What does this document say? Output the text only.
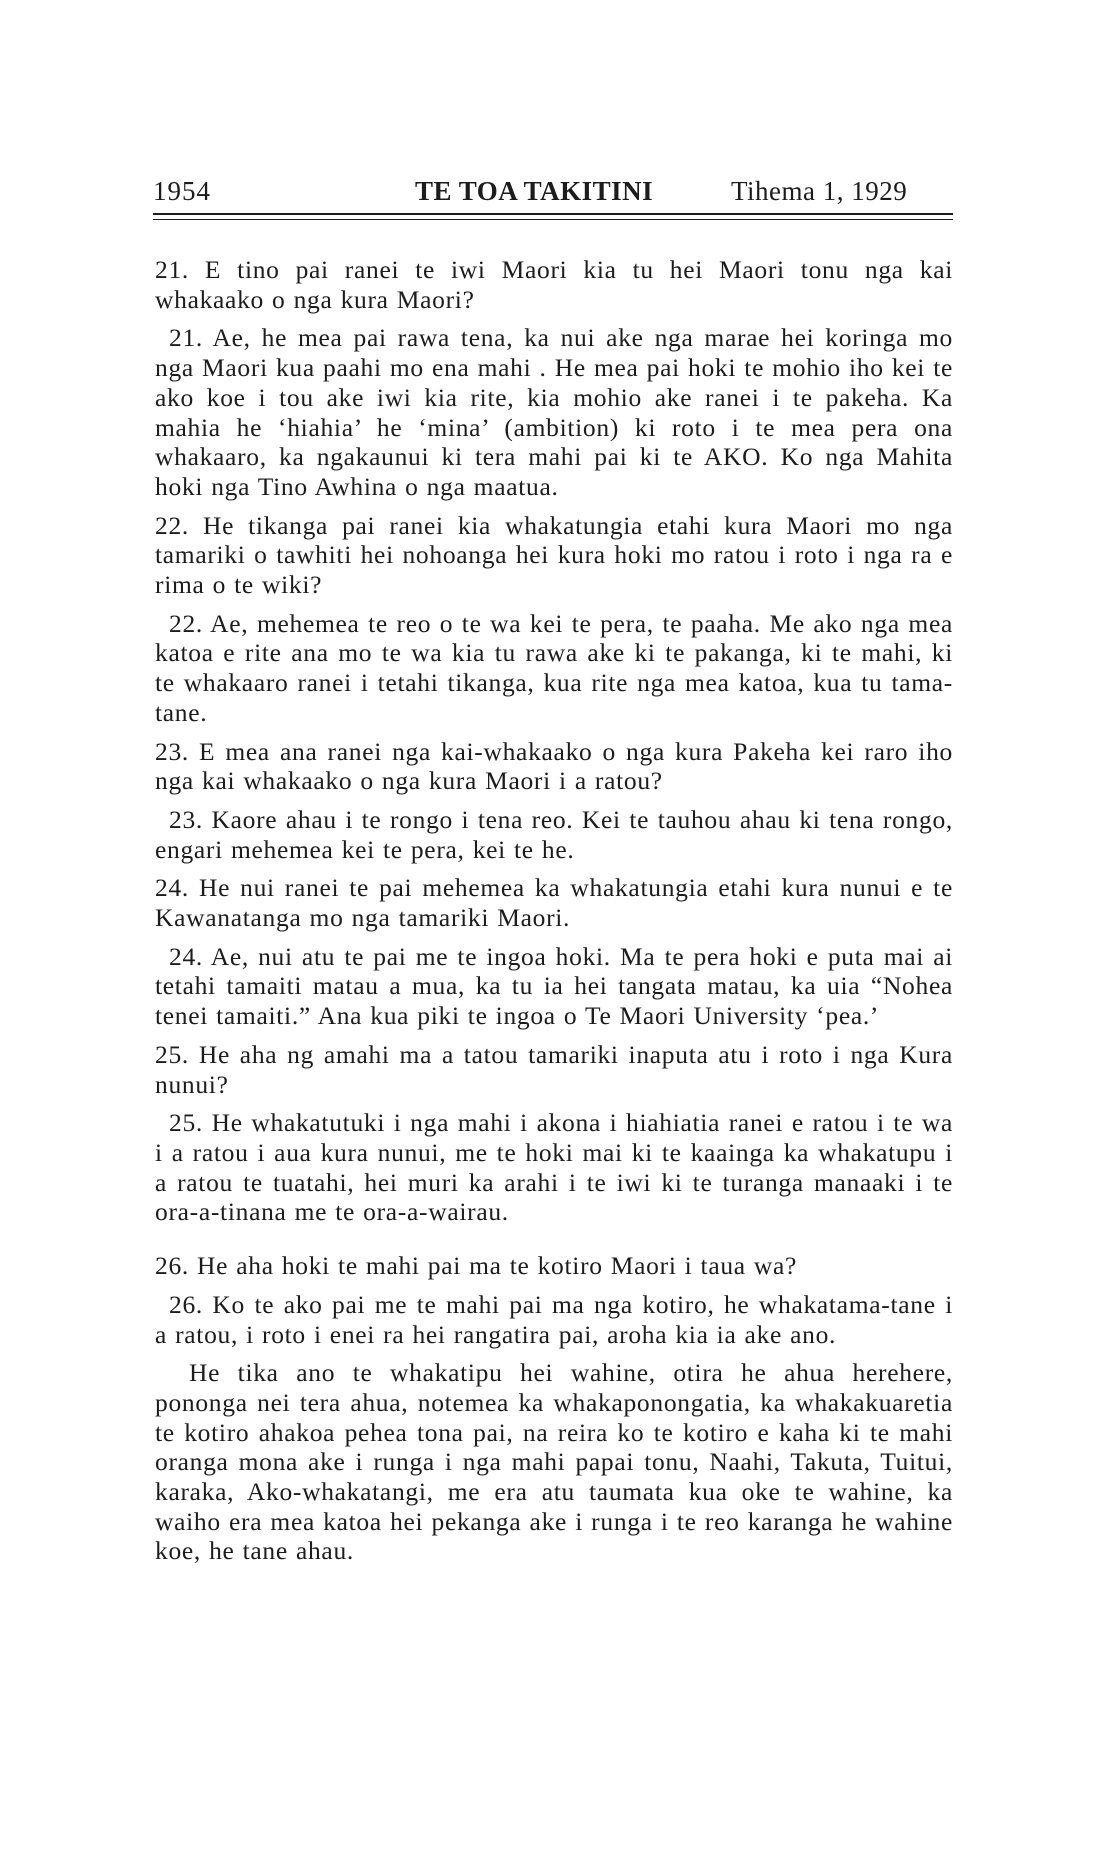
1954	TE TOA TAKITINI	Tihema 1, 1929

21. E tino pai ranei te iwi Maori kia tu hei Maori tonu nga kai whakaako o nga kura Maori?

21. Ae, he mea pai rawa tena, ka nui ake nga marae hei koringa mo nga Maori kua paahi mo ena mahi . He mea pai hoki te mohio iho kei te ako koe i tou ake iwi kia rite, kia mohio ake ranei i te pakeha. Ka mahia he ‘hiahia’ he ‘mina’ (ambition) ki roto i te mea pera ona whakaaro, ka ngakaunui ki tera mahi pai ki te AKO. Ko nga Mahita hoki nga Tino Awhina o nga maatua.

22. He tikanga pai ranei kia whakatungia etahi kura Maori mo nga tamariki o tawhiti hei nohoanga hei kura hoki mo ratou i roto i nga ra e rima o te wiki?

22. Ae, mehemea te reo o te wa kei te pera, te paaha. Me ako nga mea katoa e rite ana mo te wa kia tu rawa ake ki te pakanga, ki te mahi, ki te whakaaro ranei i tetahi tikanga, kua rite nga mea katoa, kua tu tama-tane.

23. E mea ana ranei nga kai-whakaako o nga kura Pakeha kei raro iho nga kai whakaako o nga kura Maori i a ratou?

23. Kaore ahau i te rongo i tena reo. Kei te tauhou ahau ki tena rongo, engari mehemea kei te pera, kei te he.

24. He nui ranei te pai mehemea ka whakatungia etahi kura nunui e te Kawanatanga mo nga tamariki Maori.

24. Ae, nui atu te pai me te ingoa hoki. Ma te pera hoki e puta mai ai tetahi tamaiti matau a mua, ka tu ia hei tangata matau, ka uia “Nohea tenei tamaiti.” Ana kua piki te ingoa o Te Maori University ‘pea.’

25. He aha ng amahi ma a tatou tamariki inaputa atu i roto i nga Kura nunui?

25. He whakatutuki i nga mahi i akona i hiahiatia ranei e ratou i te wa i a ratou i aua kura nunui, me te hoki mai ki te kaainga ka whakatupu i a ratou te tuatahi, hei muri ka arahi i te iwi ki te turanga manaaki i te ora-a-tinana me te ora-a-wairau.

26. He aha hoki te mahi pai ma te kotiro Maori i taua wa?

26. Ko te ako pai me te mahi pai ma nga kotiro, he whakatama-tane i a ratou, i roto i enei ra hei rangatira pai, aroha kia ia ake ano.

He tika ano te whakatipu hei wahine, otira he ahua herehere, pononga nei tera ahua, notemea ka whakaponongatia, ka whakakuaretia te kotiro ahakoa pehea tona pai, na reira ko te kotiro e kaha ki te mahi oranga mona ake i runga i nga mahi papai tonu, Naahi, Takuta, Tuitui, karaka, Ako-whakatangi, me era atu taumata kua oke te wahine, ka waiho era mea katoa hei pekanga ake i runga i te reo karanga he wahine koe, he tane ahau.
